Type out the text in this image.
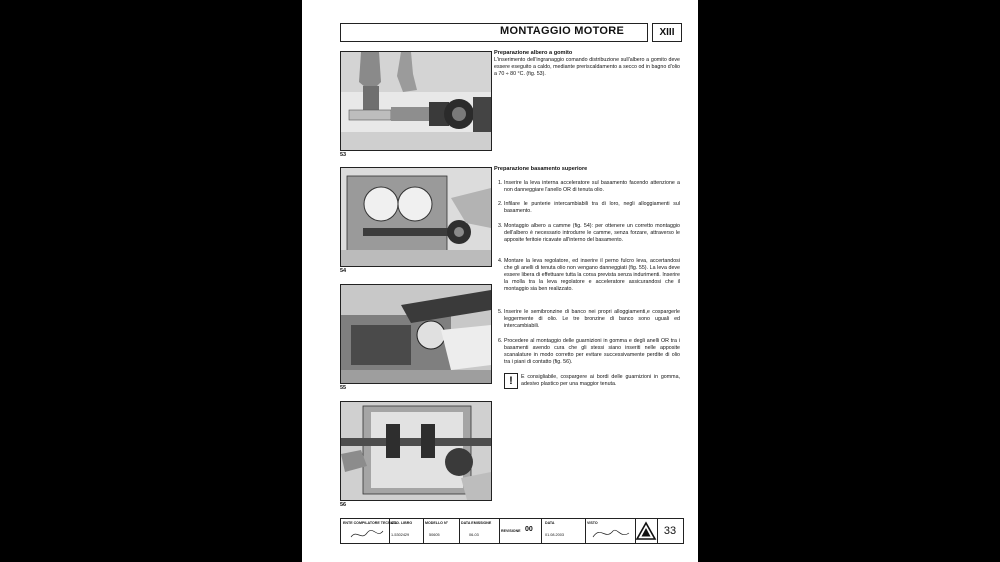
MONTAGGIO MOTORE	XIII
53
54
55
56
Preparazione albero a gomito

L'inserimento dell'ingranaggio comando distribuzione sull'albero a gomito deve essere eseguito a caldo, mediante preriscaldamento a secco od in bagno d'olio a 70 ÷ 80 °C. (fig. 53).

Preparazione basamento superiore
1. Inserire la leva interna acceleratore sul basamento facendo attenzione a non danneggiare l'anello OR di tenuta olio.
2. Infilare le punterie intercambiabili tra di loro, negli alloggiamenti sul basamento.
3. Montaggio albero a camme (fig. 54): per ottenere un corretto montaggio dell'albero è necessario introdurre le camme, senza forzare, attraverso le apposite feritoie ricavate all'interno del basamento.
4. Montare la leva regolatore, ed inserire il perno fulcro leva, accertandosi che gli anelli di tenuta olio non vengano danneggiati (fig. 55). La leva deve essere libera di effettuare tutta la corsa prevista senza indurimenti. Inserire la molla tra la leva regolatore e acceleratore assicurandosi che il montaggio sia ben realizzato.
5. Inserire le semibronzine di banco nei propri alloggiamenti,e cospargerle leggermente di olio. Le tre bronzine di banco sono uguali ed intercambiabili.
6. Procedere al montaggio delle guarnizioni in gomma e degli anelli OR tra i basamenti avendo cura che gli stessi siano inseriti nelle apposite scanalature in modo corretto per evitare successivamente perdite di olio tra i piani di contatto (fig. 56).
!	E consigliabile, cospargere ai bordi delle guarnizioni in gomma, adesivo plastico per una maggior tenuta.
ENTE COMPILATORE TECNATL
COD. LIBRO
1-5302429
MODELLO N°
50605
DATA EMISSIONE
06-03
REVISIONE 00
DATA
01.08.2003
VISTO
33
